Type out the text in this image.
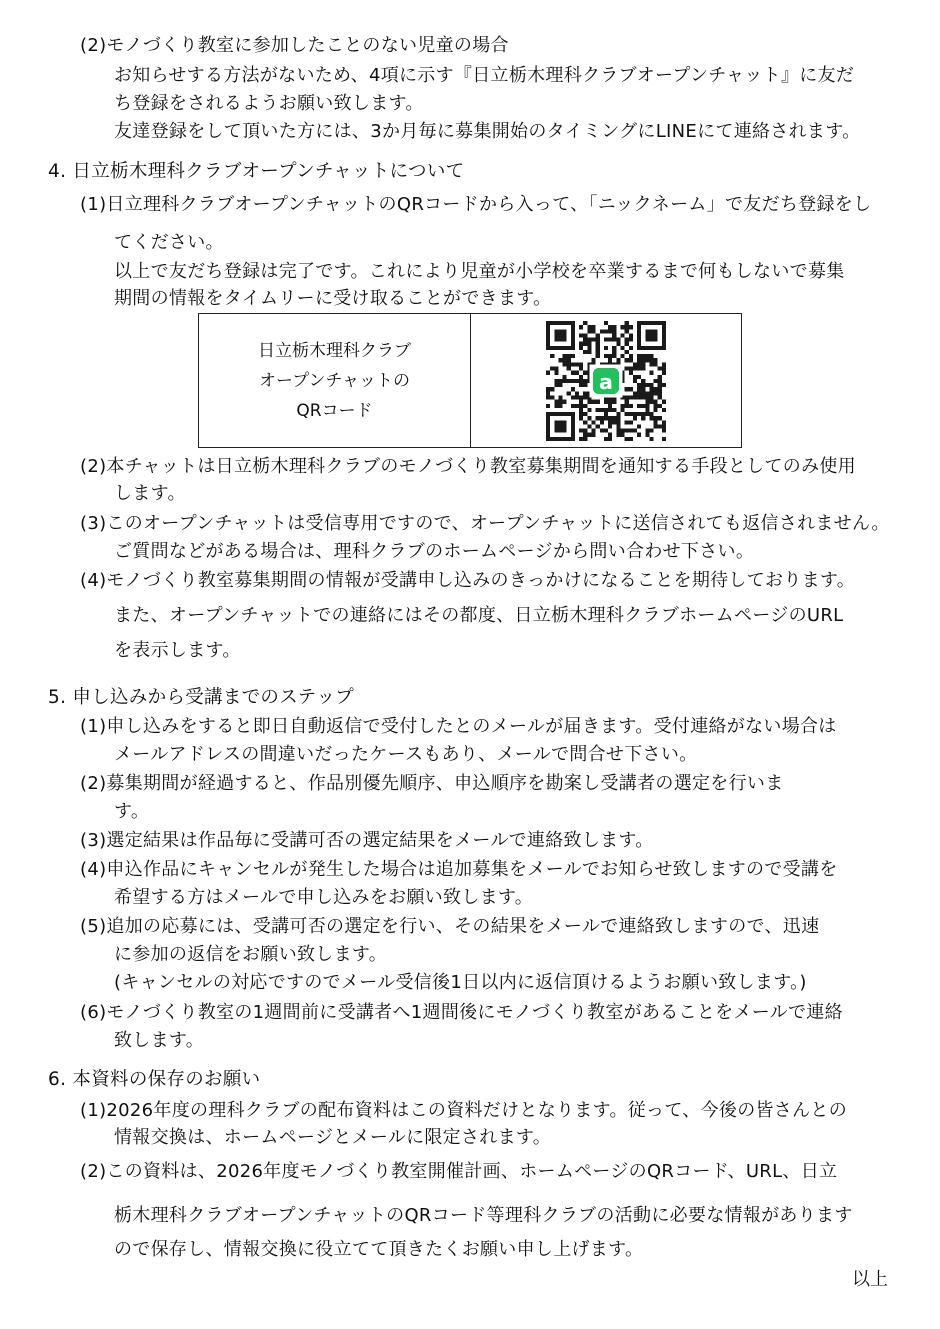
(2)モノづくり教室に参加したことのない児童の場合
お知らせする方法がないため、4項に示す『日立栃木理科クラブオープンチャット』に友だ
ち登録をされるようお願い致します。
友達登録をして頂いた方には、3か月毎に募集開始のタイミングにLINEにて連絡されます。
4. 日立栃木理科クラブオープンチャットについて
(1)日立理科クラブオープンチャットのQRコードから入って、「ニックネーム」で友だち登録をし
てください。
以上で友だち登録は完了です。これにより児童が小学校を卒業するまで何もしないで募集
期間の情報をタイムリーに受け取ることができます。
日立栃木理科クラブ
オープンチャットの
QRコード
a
(2)本チャットは日立栃木理科クラブのモノづくり教室募集期間を通知する手段としてのみ使用
します。
(3)このオープンチャットは受信専用ですので、オープンチャットに送信されても返信されません。
ご質問などがある場合は、理科クラブのホームページから問い合わせ下さい。
(4)モノづくり教室募集期間の情報が受講申し込みのきっかけになることを期待しております。
また、オープンチャットでの連絡にはその都度、日立栃木理科クラブホームページのURL
を表示します。
5. 申し込みから受講までのステップ
(1)申し込みをすると即日自動返信で受付したとのメールが届きます。受付連絡がない場合は
メールアドレスの間違いだったケースもあり、メールで問合せ下さい。
(2)募集期間が経過すると、作品別優先順序、申込順序を勘案し受講者の選定を行いま
す。
(3)選定結果は作品毎に受講可否の選定結果をメールで連絡致します。
(4)申込作品にキャンセルが発生した場合は追加募集をメールでお知らせ致しますので受講を
希望する方はメールで申し込みをお願い致します。
(5)追加の応募には、受講可否の選定を行い、その結果をメールで連絡致しますので、迅速
に参加の返信をお願い致します。
(キャンセルの対応ですのでメール受信後1日以内に返信頂けるようお願い致します。)
(6)モノづくり教室の1週間前に受講者へ1週間後にモノづくり教室があることをメールで連絡
致します。
6. 本資料の保存のお願い
(1)2026年度の理科クラブの配布資料はこの資料だけとなります。従って、今後の皆さんとの
情報交換は、ホームページとメールに限定されます。
(2)この資料は、2026年度モノづくり教室開催計画、ホームページのQRコード、URL、日立
栃木理科クラブオープンチャットのQRコード等理科クラブの活動に必要な情報があります
ので保存し、情報交換に役立てて頂きたくお願い申し上げます。
以上
